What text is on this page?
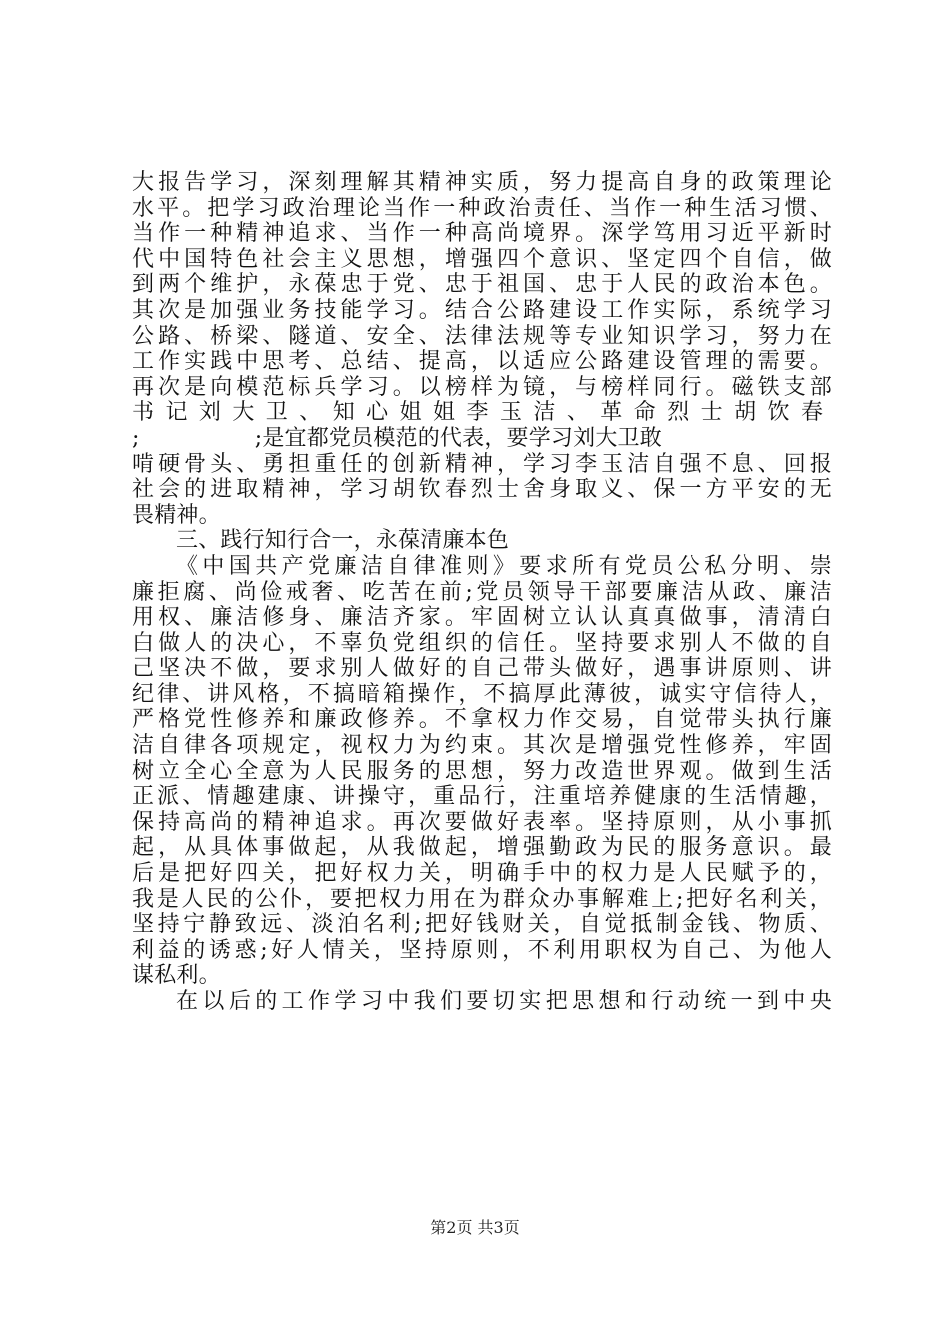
大报告学习，深刻理解其精神实质，努力提高自身的政策理论
水平。把学习政治理论当作一种政治责任、当作一种生活习惯、
当作一种精神追求、当作一种高尚境界。深学笃用习近平新时
代中国特色社会主义思想，增强四个意识、坚定四个自信，做
到两个维护，永葆忠于党、忠于祖国、忠于人民的政治本色。
其次是加强业务技能学习。结合公路建设工作实际，系统学习
公路、桥梁、隧道、安全、法律法规等专业知识学习，努力在
工作实践中思考、总结、提高，以适应公路建设管理的需要。
再次是向模范标兵学习。以榜样为镜，与榜样同行。磁铁支部
书记刘大卫、知心姐姐李玉洁、革命烈士胡饮春
;                ;是宜都党员模范的代表，要学习刘大卫敢
啃硬骨头、勇担重任的创新精神，学习李玉洁自强不息、回报
社会的进取精神，学习胡钦春烈士舍身取义、保一方平安的无
畏精神。
三、践行知行合一，永葆清廉本色
《中国共产党廉洁自律准则》要求所有党员公私分明、崇
廉拒腐、尚俭戒奢、吃苦在前;党员领导干部要廉洁从政、廉洁
用权、廉洁修身、廉洁齐家。牢固树立认认真真做事，清清白
白做人的决心，不辜负党组织的信任。坚持要求别人不做的自
己坚决不做，要求别人做好的自己带头做好，遇事讲原则、讲
纪律、讲风格，不搞暗箱操作，不搞厚此薄彼，诚实守信待人，
严格党性修养和廉政修养。不拿权力作交易，自觉带头执行廉
洁自律各项规定，视权力为约束。其次是增强党性修养，牢固
树立全心全意为人民服务的思想，努力改造世界观。做到生活
正派、情趣建康、讲操守，重品行，注重培养健康的生活情趣，
保持高尚的精神追求。再次要做好表率。坚持原则，从小事抓
起，从具体事做起，从我做起，增强勤政为民的服务意识。最
后是把好四关，把好权力关，明确手中的权力是人民赋予的，
我是人民的公仆，要把权力用在为群众办事解难上;把好名利关，
坚持宁静致远、淡泊名利;把好钱财关，自觉抵制金钱、物质、
利益的诱惑;好人情关，坚持原则，不利用职权为自己、为他人
谋私利。
在以后的工作学习中我们要切实把思想和行动统一到中央
第2页 共3页
